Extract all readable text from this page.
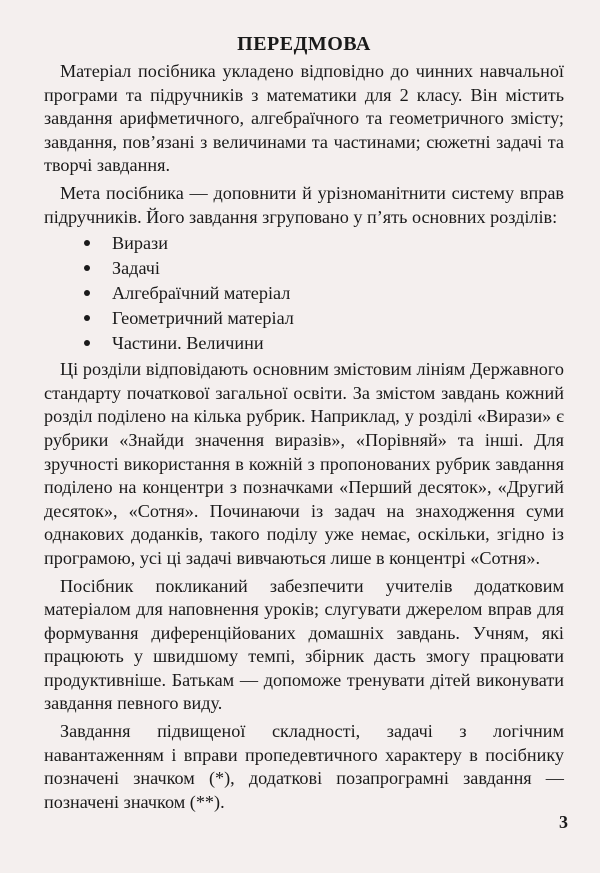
ПЕРЕДМОВА

Матеріал посібника укладено відповідно до чинних навчальної програми та підручників з математики для 2 класу. Він містить завдання арифметичного, алгебраїчного та геометричного змісту; завдання, пов’язані з величинами та частинами; сюжетні задачі та творчі завдання.

Мета посібника — доповнити й урізноманітнити систему вправ підручників. Його завдання згруповано у п’ять основних розділів:

Вирази
Задачі
Алгебраїчний матеріал
Геометричний матеріал
Частини. Величини

Ці розділи відповідають основним змістовим лініям Державного стандарту початкової загальної освіти. За змістом завдань кожний розділ поділено на кілька рубрик. Наприклад, у розділі «Вирази» є рубрики «Знайди значення виразів», «Порівняй» та інші. Для зручності використання в кожній з пропонованих рубрик завдання поділено на концентри з позначками «Перший десяток», «Другий десяток», «Сотня». Починаючи із задач на знаходження суми однакових доданків, такого поділу уже немає, оскільки, згідно із програмою, усі ці задачі вивчаються лише в концентрі «Сотня».

Посібник покликаний забезпечити учителів додатковим матеріалом для наповнення уроків; слугувати джерелом вправ для формування диференційованих домашніх завдань. Учням, які працюють у швидшому темпі, збірник дасть змогу працювати продуктивніше. Батькам — допоможе тренувати дітей виконувати завдання певного виду.

Завдання підвищеної складності, задачі з логічним навантаженням і вправи пропедевтичного характеру в посібнику позначені значком (*), додаткові позапрограмні завдання — позначені значком (**).

3
